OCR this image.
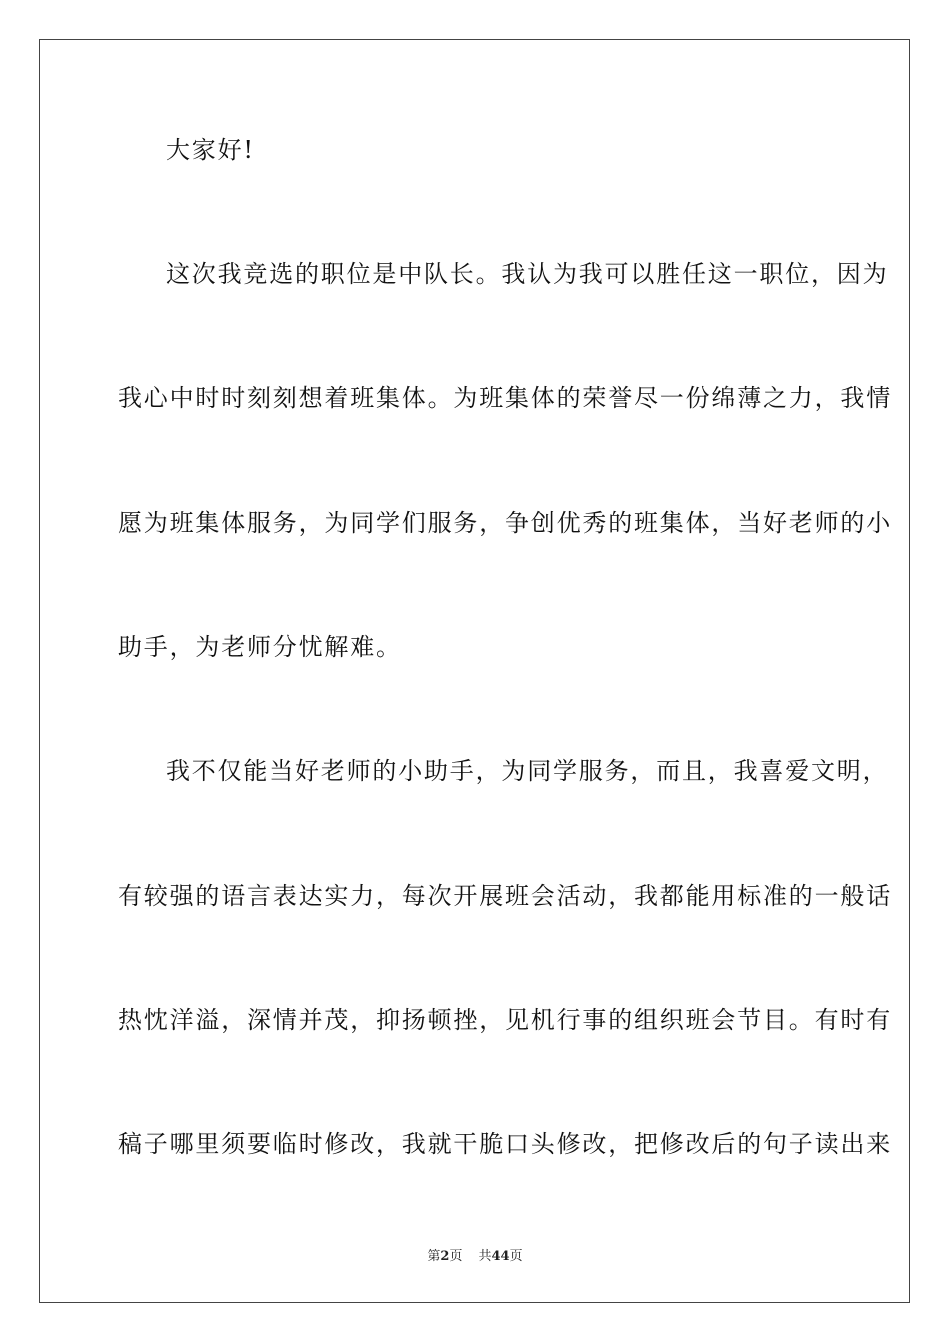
大家好!
这次我竞选的职位是中队长。我认为我可以胜任这一职位，因为
我心中时时刻刻想着班集体。为班集体的荣誉尽一份绵薄之力，我情
愿为班集体服务，为同学们服务，争创优秀的班集体，当好老师的小
助手，为老师分忧解难。
我不仅能当好老师的小助手，为同学服务，而且，我喜爱文明，
有较强的语言表达实力，每次开展班会活动，我都能用标准的一般话
热忱洋溢，深情并茂，抑扬顿挫，见机行事的组织班会节目。有时有
稿子哪里须要临时修改，我就干脆口头修改，把修改后的句子读出来
第2页 共44页
